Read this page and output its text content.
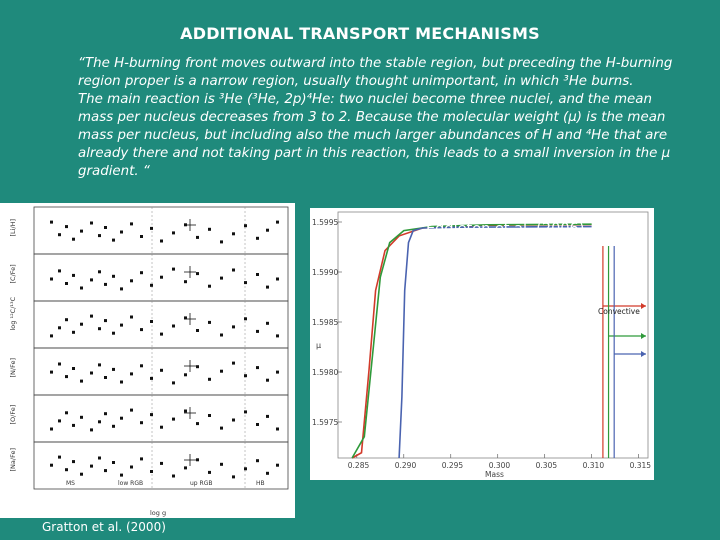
ADDITIONAL TRANSPORT MECHANISMS

“The H-burning front moves outward into the stable region, but preceding the H-burning region proper is a narrow region, usually thought unimportant, in which ³He burns.

The main reaction is ³He (³He, 2p)⁴He: two nuclei become three nuclei, and the mean mass per nucleus decreases from 3 to 2. Because the molecular weight (μ) is the mean mass per nucleus, but including also the much larger abundances of H and ⁴He that are already there and not taking part in this reaction, this leads to a small inversion in the μ gradient. “

[Li/H]
[C/Fe]
log ¹²C/¹³C
[N/Fe]
[O/Fe]
[Na/Fe]
MS	low RGB	up RGB	HB
log g
Gratton et al. (2000)
1.5995
1.5990
1.5985
1.5980
1.5975
0.285	0.290	0.295	0.300	0.305	0.310	0.315
Mass
μ
Convective
Eggleton et al. (2006)
$1M_0$ solar
composition
